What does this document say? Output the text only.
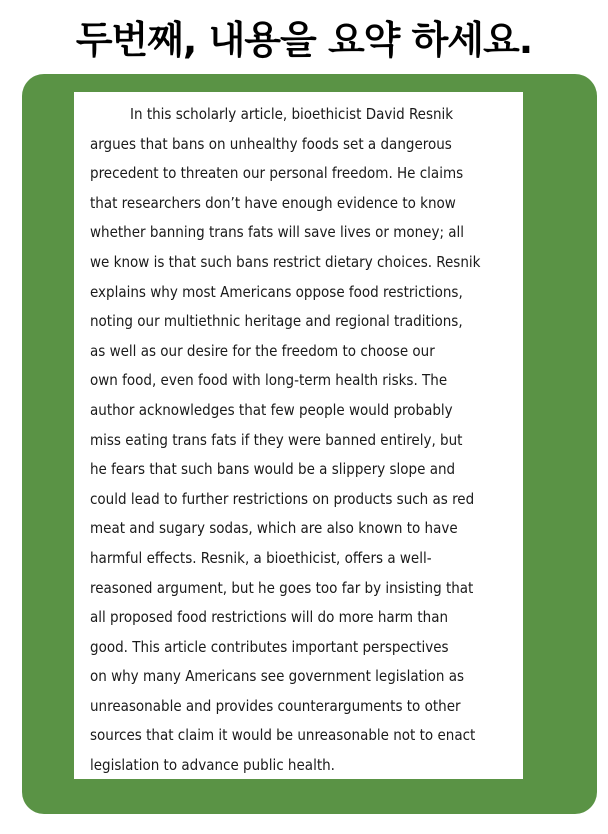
두번째, 내용을 요약 하세요.

In this scholarly article, bioethicist David Resnik
argues that bans on unhealthy foods set a dangerous
precedent to threaten our personal freedom. He claims
that researchers don’t have enough evidence to know
whether banning trans fats will save lives or money; all
we know is that such bans restrict dietary choices. Resnik
explains why most Americans oppose food restrictions,
noting our multiethnic heritage and regional traditions,
as well as our desire for the freedom to choose our
own food, even food with long-term health risks. The
author acknowledges that few people would probably
miss eating trans fats if they were banned entirely, but
he fears that such bans would be a slippery slope and
could lead to further restrictions on products such as red
meat and sugary sodas, which are also known to have
harmful effects. Resnik, a bioethicist, offers a well-
reasoned argument, but he goes too far by insisting that
all proposed food restrictions will do more harm than
good. This article contributes important perspectives
on why many Americans see government legislation as
unreasonable and provides counterarguments to other
sources that claim it would be unreasonable not to enact
legislation to advance public health.
